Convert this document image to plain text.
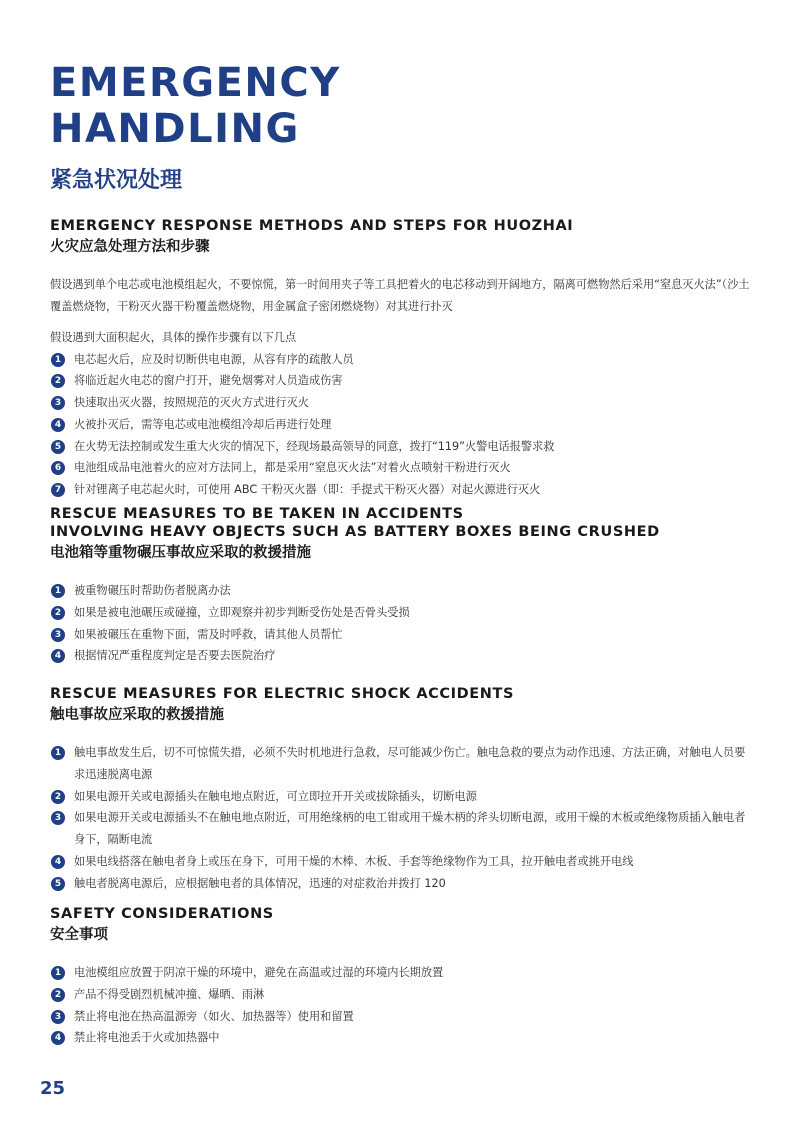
EMERGENCY
HANDLING
紧急状况处理
EMERGENCY RESPONSE METHODS AND STEPS FOR HUOZHAI
火灾应急处理方法和步骤

假设遇到单个电芯或电池模组起火，不要惊慌，第一时间用夹子等工具把着火的电芯移动到开阔地方，隔离可燃物然后采用“窒息灭火法”（沙土覆盖燃烧物，干粉灭火器干粉覆盖燃烧物，用金属盒子密闭燃烧物）对其进行扑灭

假设遇到大面积起火，具体的操作步骤有以下几点

1	电芯起火后，应及时切断供电电源，从容有序的疏散人员
2	将临近起火电芯的窗户打开，避免烟雾对人员造成伤害
3	快速取出灭火器，按照规范的灭火方式进行灭火
4	火被扑灭后，需等电芯或电池模组冷却后再进行处理
5	在火势无法控制或发生重大火灾的情况下，经现场最高领导的同意，拨打“119”火警电话报警求救
6	电池组成品电池着火的应对方法同上，都是采用“窒息灭火法”对着火点喷射干粉进行灭火
7	针对锂离子电芯起火时，可使用 ABC 干粉灭火器（即：手提式干粉灭火器）对起火源进行灭火
RESCUE MEASURES TO BE TAKEN IN ACCIDENTS
INVOLVING HEAVY OBJECTS SUCH AS BATTERY BOXES BEING CRUSHED
电池箱等重物碾压事故应采取的救援措施
1	被重物碾压时帮助伤者脱离办法
2	如果是被电池碾压或碰撞，立即观察并初步判断受伤处是否骨头受损
3	如果被碾压在重物下面，需及时呼救，请其他人员帮忙
4	根据情况严重程度判定是否要去医院治疗
RESCUE MEASURES FOR ELECTRIC SHOCK ACCIDENTS
触电事故应采取的救援措施
1	触电事故发生后，切不可惊慌失措，必须不失时机地进行急救，尽可能减少伤亡。触电急救的要点为动作迅速、方法正确，对触电人员要求迅速脱离电源
2	如果电源开关或电源插头在触电地点附近，可立即拉开开关或拔除插头，切断电源
3	如果电源开关或电源插头不在触电地点附近，可用绝缘柄的电工钳或用干燥木柄的斧头切断电源，或用干燥的木板或绝缘物质插入触电者身下，隔断电流
4	如果电线搭落在触电者身上或压在身下，可用干燥的木棒、木板、手套等绝缘物作为工具，拉开触电者或挑开电线
5	触电者脱离电源后，应根据触电者的具体情况，迅速的对症救治并拨打 120
SAFETY CONSIDERATIONS
安全事项
1	电池模组应放置于阴凉干燥的环境中，避免在高温或过湿的环境内长期放置
2	产品不得受剧烈机械冲撞、爆晒、雨淋
3	禁止将电池在热高温源旁（如火、加热器等）使用和留置
4	禁止将电池丢于火或加热器中
25
